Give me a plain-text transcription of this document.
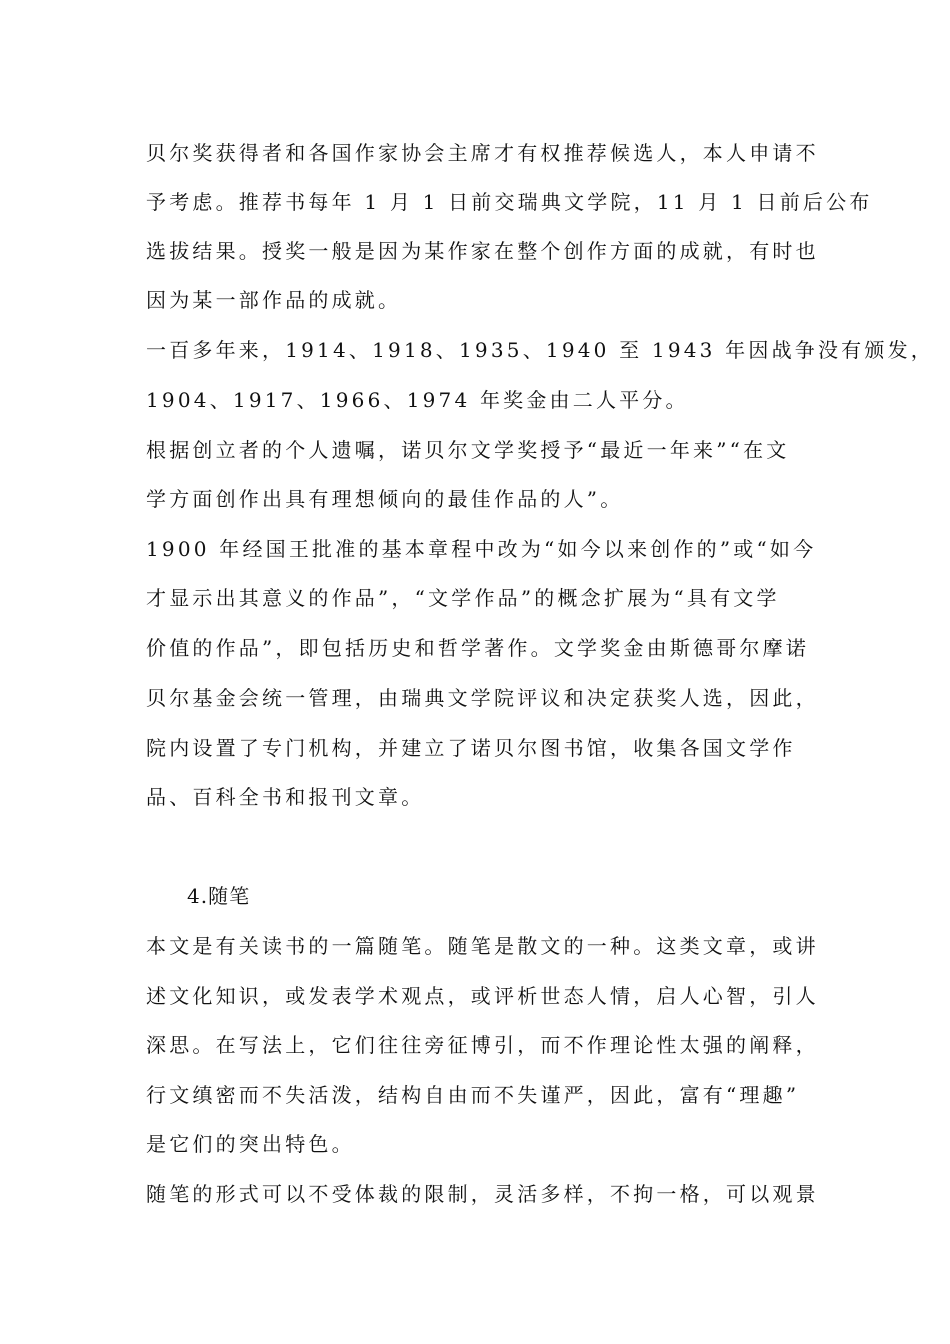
贝尔奖获得者和各国作家协会主席才有权推荐候选人，本人申请不
予考虑。推荐书每年 1 月 1 日前交瑞典文学院，11 月 1 日前后公布
选拔结果。授奖一般是因为某作家在整个创作方面的成就，有时也
因为某一部作品的成就。
一百多年来，1914、1918、1935、1940 至 1943 年因战争没有颁发，
1904、1917、1966、1974 年奖金由二人平分。
根据创立者的个人遗嘱，诺贝尔文学奖授予“最近一年来”“在文
学方面创作出具有理想倾向的最佳作品的人”。
1900 年经国王批准的基本章程中改为“如今以来创作的”或“如今
才显示出其意义的作品”，“文学作品”的概念扩展为“具有文学
价值的作品”，即包括历史和哲学著作。文学奖金由斯德哥尔摩诺
贝尔基金会统一管理，由瑞典文学院评议和决定获奖人选，因此，
院内设置了专门机构，并建立了诺贝尔图书馆，收集各国文学作
品、百科全书和报刊文章。
4.随笔
本文是有关读书的一篇随笔。随笔是散文的一种。这类文章，或讲
述文化知识，或发表学术观点，或评析世态人情，启人心智，引人
深思。在写法上，它们往往旁征博引，而不作理论性太强的阐释，
行文缜密而不失活泼，结构自由而不失谨严，因此，富有“理趣”
是它们的突出特色。
随笔的形式可以不受体裁的限制，灵活多样，不拘一格，可以观景
